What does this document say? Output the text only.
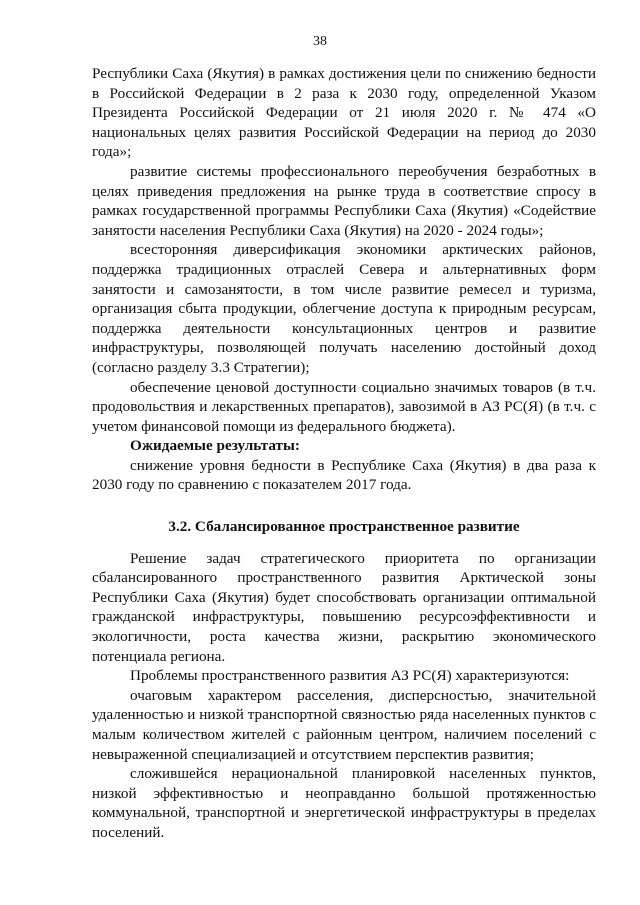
38

Республики Саха (Якутия) в рамках достижения цели по снижению бедности в Российской Федерации в 2 раза к 2030 году, определенной Указом Президента Российской Федерации от 21 июля 2020 г. № 474 «О национальных целях развития Российской Федерации на период до 2030 года»;

развитие системы профессионального переобучения безработных в целях приведения предложения на рынке труда в соответствие спросу в рамках государственной программы Республики Саха (Якутия) «Содействие занятости населения Республики Саха (Якутия) на 2020 - 2024 годы»;

всесторонняя диверсификация экономики арктических районов, поддержка традиционных отраслей Севера и альтернативных форм занятости и самозанятости, в том числе развитие ремесел и туризма, организация сбыта продукции, облегчение доступа к природным ресурсам, поддержка деятельности консультационных центров и развитие инфраструктуры, позволяющей получать населению достойный доход (согласно разделу 3.3 Стратегии);

обеспечение ценовой доступности социально значимых товаров (в т.ч. продовольствия и лекарственных препаратов), завозимой в АЗ РС(Я) (в т.ч. с учетом финансовой помощи из федерального бюджета).

Ожидаемые результаты:

снижение уровня бедности в Республике Саха (Якутия) в два раза к 2030 году по сравнению с показателем 2017 года.

3.2. Сбалансированное пространственное развитие

Решение задач стратегического приоритета по организации сбалансированного пространственного развития Арктической зоны Республики Саха (Якутия) будет способствовать организации оптимальной гражданской инфраструктуры, повышению ресурсоэффективности и экологичности, роста качества жизни, раскрытию экономического потенциала региона.

Проблемы пространственного развития АЗ РС(Я) характеризуются:

очаговым характером расселения, дисперсностью, значительной удаленностью и низкой транспортной связностью ряда населенных пунктов с малым количеством жителей с районным центром, наличием поселений с невыраженной специализацией и отсутствием перспектив развития;

сложившейся нерациональной планировкой населенных пунктов, низкой эффективностью и неоправданно большой протяженностью коммунальной, транспортной и энергетической инфраструктуры в пределах поселений.
